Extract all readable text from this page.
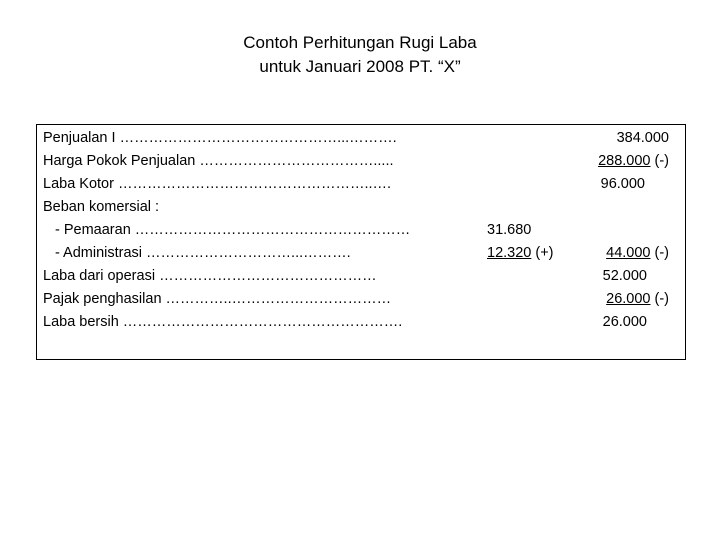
Contoh Perhitungan Rugi Laba
untuk Januari 2008 PT. “X”
Penjualan I ………………………………………...……….	384.000
Harga Pokok Penjualan ……………………………….....	288.000 (-)
Laba Kotor ……………………………………………..….	96.000
Beban komersial :
- Pemaaran …………………………………………………	31.680
- Administrasi …………………………...……….	12.320 (+)	44.000 (-)
Laba dari operasi ………………………………………	52.000
Pajak penghasilan …………..……………………………	26.000 (-)
Laba bersih ………………………………………………….	26.000
